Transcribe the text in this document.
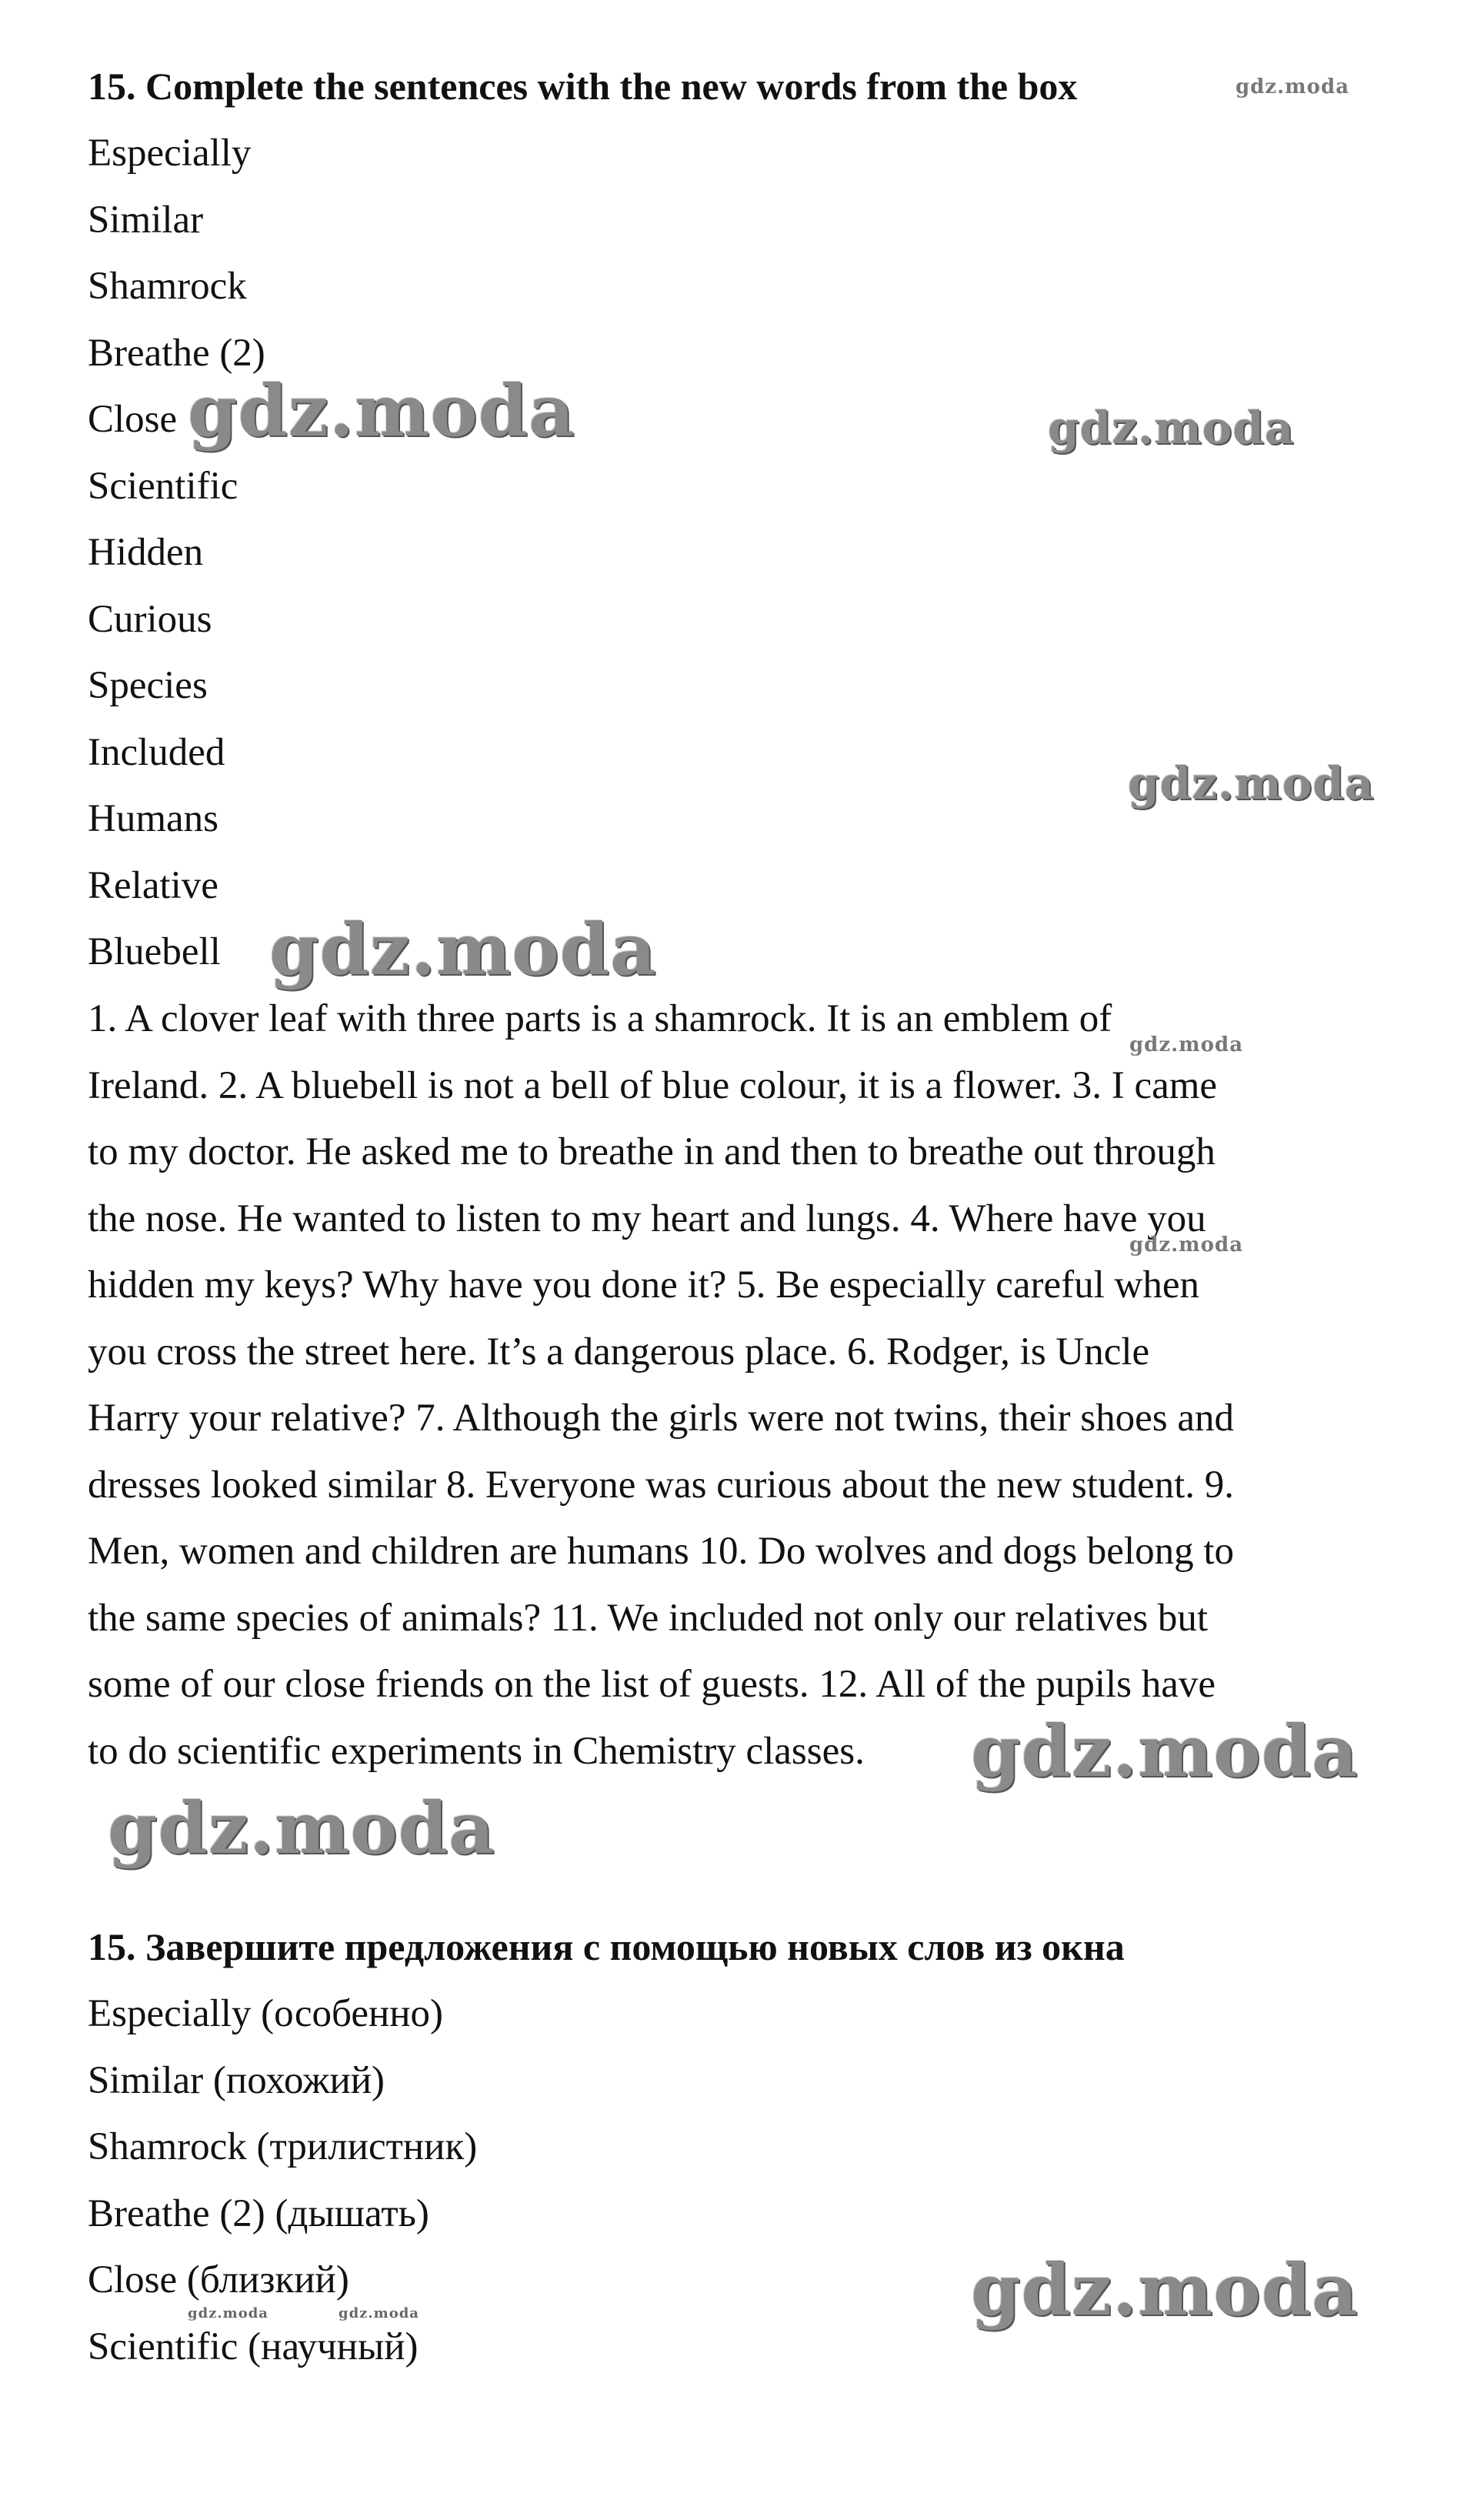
15. Complete the sentences with the new words from the box
Especially
Similar
Shamrock
Breathe (2)
Close
Scientific
Hidden
Curious
Species
Included
Humans
Relative
Bluebell
1. A clover leaf with three parts is a shamrock. It is an emblem of
Ireland. 2. A bluebell is not a bell of blue colour, it is a flower. 3. I came
to my doctor. He asked me to breathe in and then to breathe out through
the nose. He wanted to listen to my heart and lungs. 4. Where have you
hidden my keys? Why have you done it? 5. Be especially careful when
you cross the street here. It’s a dangerous place. 6. Rodger, is Uncle
Harry your relative? 7. Although the girls were not twins, their shoes and
dresses looked similar 8. Everyone was curious about the new student. 9.
Men, women and children are humans 10. Do wolves and dogs belong to
the same species of animals? 11. We included not only our relatives but
some of our close friends on the list of guests. 12. All of the pupils have
to do scientific experiments in Chemistry classes.
15. Завершите предложения с помощью новых слов из окна
Especially (особенно)
Similar (похожий)
Shamrock (трилистник)
Breathe (2) (дышать)
Close (близкий)
Scientific (научный)
gdz.moda
gdz.moda	gdz.moda
gdz.moda
gdz.moda
gdz.moda
gdz.moda
gdz.moda
gdz.moda
gdz.moda
gdz.moda	gdz.moda
